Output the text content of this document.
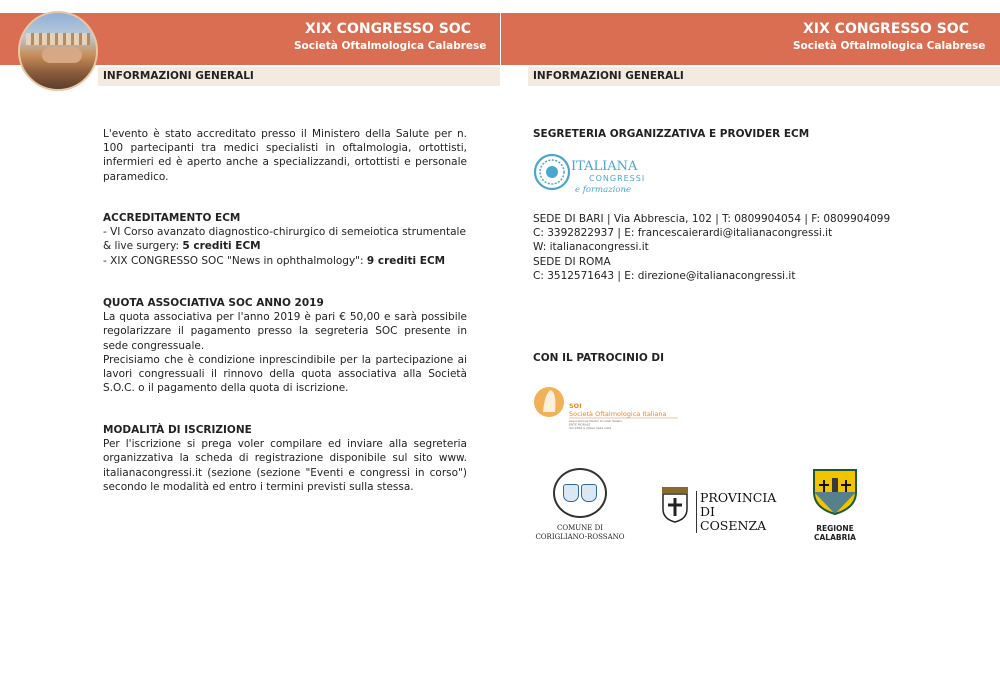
XIX CONGRESSO SOC
Società Oftalmologica Calabrese
XIX CONGRESSO SOC
Società Oftalmologica Calabrese
INFORMAZIONI GENERALI	INFORMAZIONI GENERALI

L'evento è stato accreditato presso il Ministero della Salute per n. 100 partecipanti tra medici specialisti in oftalmologia, ortottisti, infermieri ed è aperto anche a specializzandi, ortottisti e personale paramedico.

ACCREDITAMENTO ECM

- VI Corso avanzato diagnostico-chirurgico di semeiotica strumentale & live surgery: 5 crediti ECM

- XIX CONGRESSO SOC "News in ophthalmology": 9 crediti ECM

QUOTA ASSOCIATIVA SOC ANNO 2019

La quota associativa per l'anno 2019 è pari € 50,00 e sarà possibile regolarizzare il pagamento presso la segreteria SOC presente in sede congressuale.

Precisiamo che è condizione inprescindibile per la partecipazione ai lavori congressuali il rinnovo della quota associativa alla Società S.O.C. o il pagamento della quota di iscrizione.

MODALITÀ DI ISCRIZIONE

Per l'iscrizione si prega voler compilare ed inviare alla segreteria organizzativa la scheda di registrazione disponibile sul sito www. italianacongressi.it (sezione (sezione "Eventi e congressi in corso") secondo le modalità ed entro i termini previsti sulla stessa.

SEGRETERIA ORGANIZZATIVA E PROVIDER ECM

ITALIANA
CONGRESSI
e formazione

SEDE DI BARI | Via Abbrescia, 102 | T: 0809904054 | F: 0809904099

C: 3392822937 | E: francescaierardi@italianacongressi.it

W: italianacongressi.it

SEDE DI ROMA

C: 3512571643 | E: direzione@italianacongressi.it

CON IL PATROCINIO DI

SOI
Società Oftalmologica Italiana
Associazione Medici Oculisti Italiani
ENTE MORALE
dal 1869 a difesa della vista
COMUNE DI
CORIGLIANO-ROSSANO
PROVINCIA
DI COSENZA	REGIONE
CALABRIA
